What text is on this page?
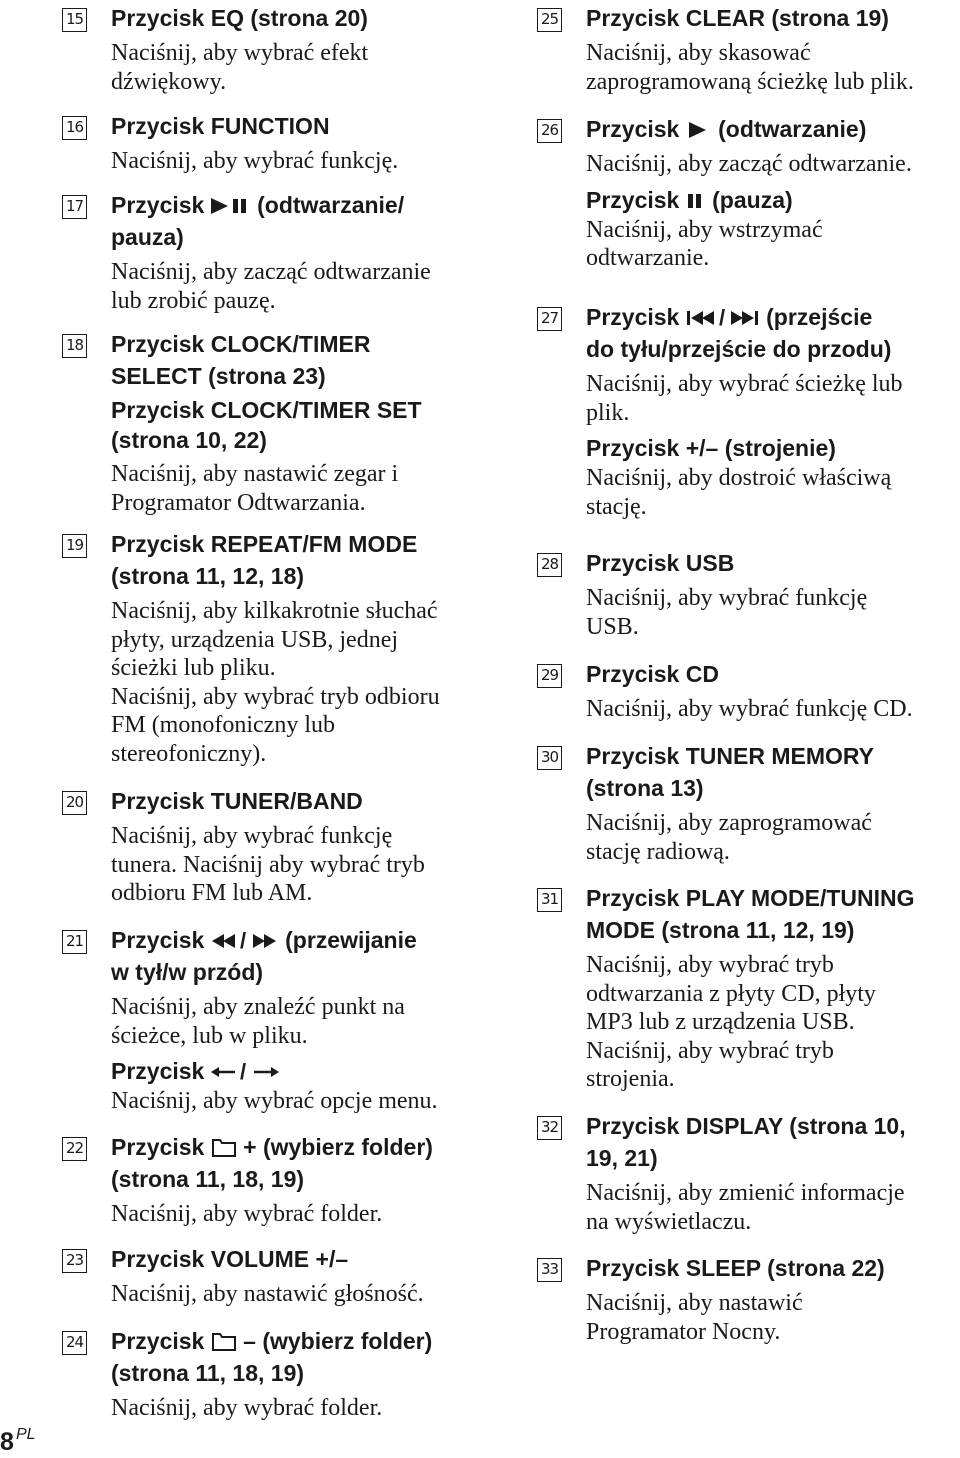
15 Przycisk EQ (strona 20)
Naciśnij, aby wybrać efekt
dźwiękowy.
16 Przycisk FUNCTION
Naciśnij, aby wybrać funkcję.
17 Przycisk  (odtwarzanie/
pauza)
Naciśnij, aby zacząć odtwarzanie
lub zrobić pauzę.
18 Przycisk CLOCK/TIMER
SELECT (strona 23)
Przycisk CLOCK/TIMER SET
(strona 10, 22)
Naciśnij, aby nastawić zegar i
Programator Odtwarzania.
19 Przycisk REPEAT/FM MODE
(strona 11, 12, 18)
Naciśnij, aby kilkakrotnie słuchać
płyty, urządzenia USB, jednej
ścieżki lub pliku.
Naciśnij, aby wybrać tryb odbioru
FM (monofoniczny lub
stereofoniczny).
20 Przycisk TUNER/BAND
Naciśnij, aby wybrać funkcję
tunera. Naciśnij aby wybrać tryb
odbioru FM lub AM.
21 Przycisk / (przewijanie
w tył/w przód)
Naciśnij, aby znaleźć punkt na
ścieżce, lub w pliku.
Przycisk /
Naciśnij, aby wybrać opcje menu.
22 Przycisk  + (wybierz folder)
(strona 11, 18, 19)
Naciśnij, aby wybrać folder.
23 Przycisk VOLUME +/–
Naciśnij, aby nastawić głośność.
24 Przycisk  – (wybierz folder)
(strona 11, 18, 19)
Naciśnij, aby wybrać folder.
25 Przycisk CLEAR (strona 19)
Naciśnij, aby skasować
zaprogramowaną ścieżkę lub plik.
26 Przycisk  (odtwarzanie)
Naciśnij, aby zacząć odtwarzanie.
Przycisk  (pauza)
Naciśnij, aby wstrzymać
odtwarzanie.
27 Przycisk / (przejście
do tyłu/przejście do przodu)
Naciśnij, aby wybrać ścieżkę lub
plik.
Przycisk +/– (strojenie)
Naciśnij, aby dostroić właściwą
stację.
28 Przycisk USB
Naciśnij, aby wybrać funkcję
USB.
29 Przycisk CD
Naciśnij, aby wybrać funkcję CD.
30 Przycisk TUNER MEMORY
(strona 13)
Naciśnij, aby zaprogramować
stację radiową.
31 Przycisk PLAY MODE/TUNING
MODE (strona 11, 12, 19)
Naciśnij, aby wybrać tryb
odtwarzania z płyty CD, płyty
MP3 lub z urządzenia USB.
Naciśnij, aby wybrać tryb
strojenia.
32 Przycisk DISPLAY (strona 10,
19, 21)
Naciśnij, aby zmienić informacje
na wyświetlaczu.
33 Przycisk SLEEP (strona 22)
Naciśnij, aby nastawić
Programator Nocny.
8 PL
